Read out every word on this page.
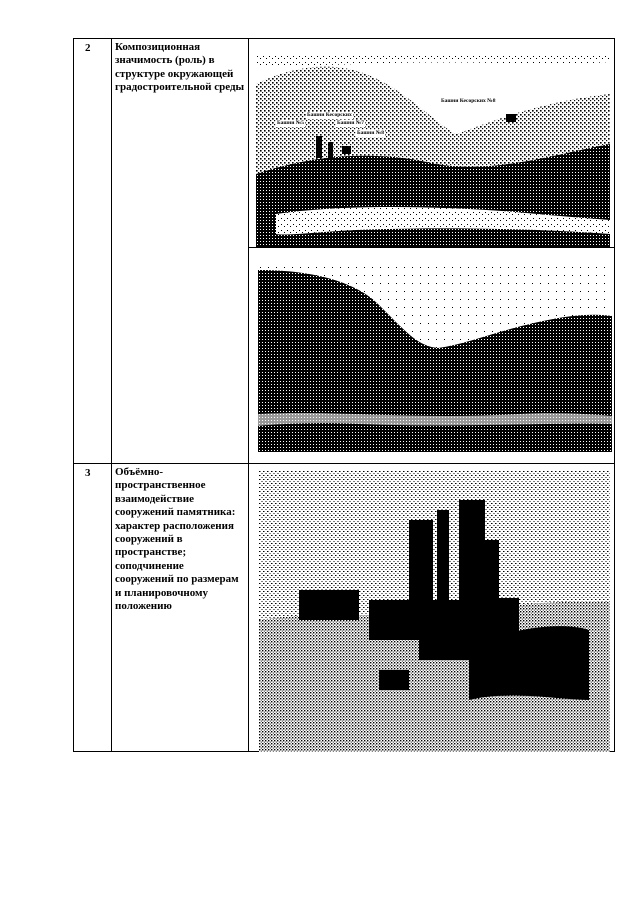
2 Композиционная значимость (роль) в структуре окружающей градостроительной среды
Башни Кесорских №8
Башни Кесорских
Башни №5	Башни №7
Башни №8
3 Объёмно-пространственное взаимодействие сооружений памятника: характер расположения сооружений в пространстве; соподчинение сооружений по размерам и планировочному положению
